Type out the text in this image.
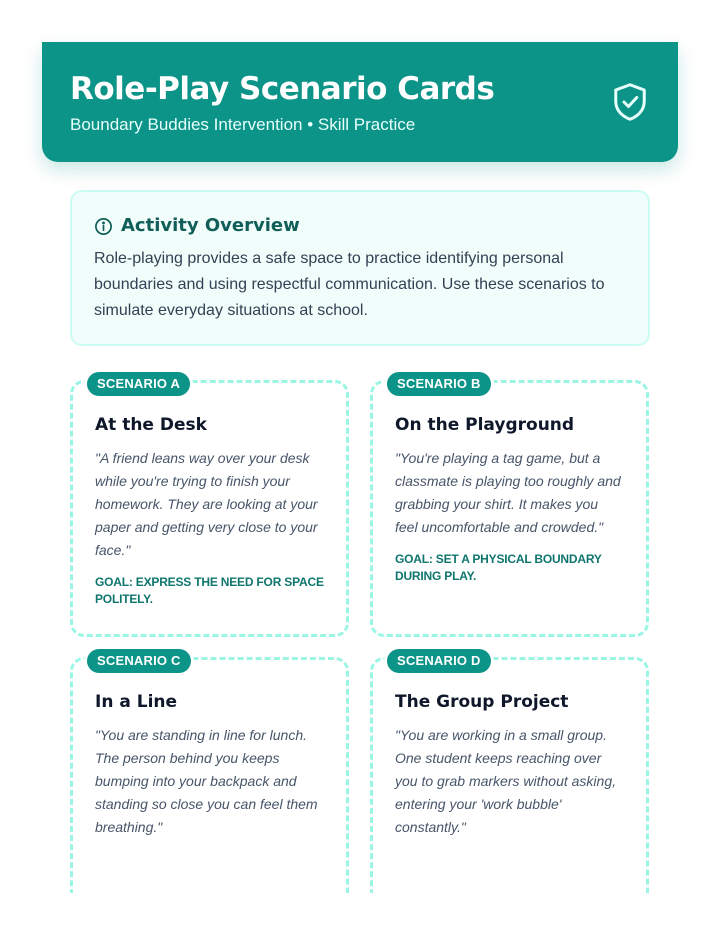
Role-Play Scenario Cards
Boundary Buddies Intervention • Skill Practice
Activity Overview

Role-playing provides a safe space to practice identifying personal boundaries and using respectful communication. Use these scenarios to simulate everyday situations at school.

SCENARIO A
At the Desk
"A friend leans way over your desk while you're trying to finish your homework. They are looking at your paper and getting very close to your face."
GOAL: EXPRESS THE NEED FOR SPACE POLITELY.
SCENARIO B
On the Playground
"You're playing a tag game, but a classmate is playing too roughly and grabbing your shirt. It makes you feel uncomfortable and crowded."
GOAL: SET A PHYSICAL BOUNDARY DURING PLAY.
SCENARIO C
In a Line
"You are standing in line for lunch. The person behind you keeps bumping into your backpack and standing so close you can feel them breathing."
SCENARIO D
The Group Project
"You are working in a small group. One student keeps reaching over you to grab markers without asking, entering your 'work bubble' constantly."
